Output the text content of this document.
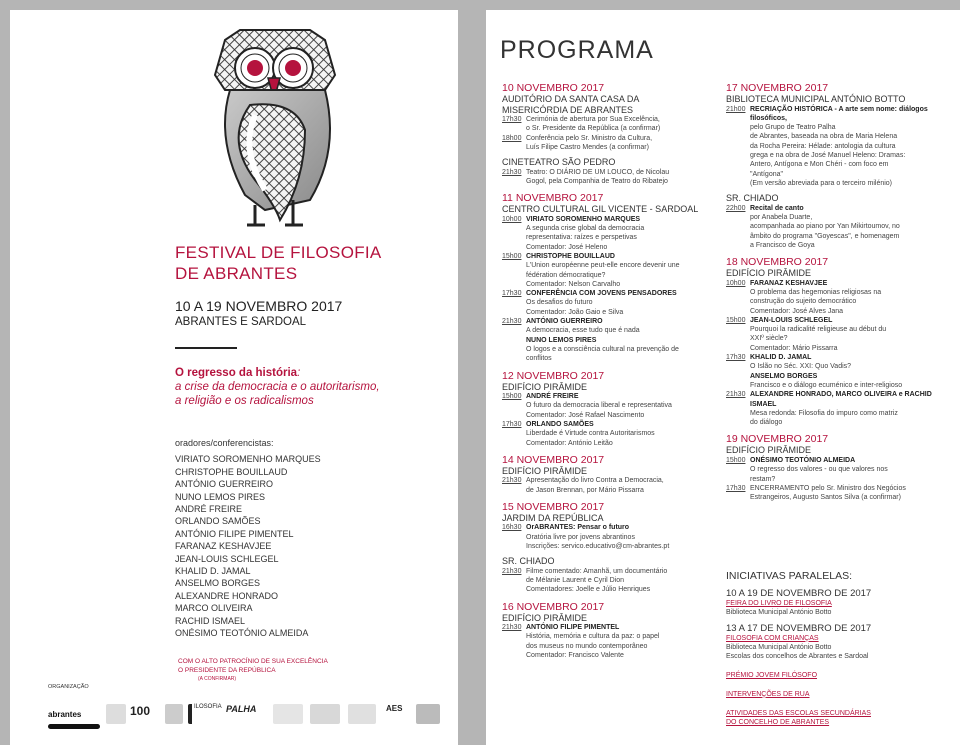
FESTIVAL DE FILOSOFIA
DE ABRANTES
10 A 19 NOVEMBRO 2017
ABRANTES E SARDOAL
O regresso da história:
a crise da democracia e o autoritarismo,
a religião e os radicalismos
oradores/conferencistas:
VIRIATO SOROMENHO MARQUES
CHRISTOPHE BOUILLAUD
ANTÓNIO GUERREIRO
NUNO LEMOS PIRES
ANDRÉ FREIRE
ORLANDO SAMÕES
ANTÓNIO FILIPE PIMENTEL
FARANAZ KESHAVJEE
JEAN-LOUIS SCHLEGEL
KHALID D. JAMAL
ANSELMO BORGES
ALEXANDRE HONRADO
MARCO OLIVEIRA
RACHID ISMAEL
ONÉSIMO TEOTÓNIO ALMEIDA
COM O ALTO PATROCÍNIO DE SUA EXCELÊNCIA
O PRESIDENTE DA REPÚBLICA
(A CONFIRMAR)
ORGANIZAÇÃO
abrantes	100	ILOSOFIA PALHA	AES
PROGRAMA
10 NOVEMBRO 2017
AUDITÓRIO DA SANTA CASA DA
MISERICÓRDIA DE ABRANTES
17h30 Cerimónia de abertura por Sua Excelência,
o Sr. Presidente da República (a confirmar)
18h00 Conferência pelo Sr. Ministro da Cultura,
Luís Filipe Castro Mendes (a confirmar)
CINETEATRO SÃO PEDRO
21h30 Teatro: O DIÁRIO DE UM LOUCO, de Nicolau
Gogol, pela Companhia de Teatro do Ribatejo
11 NOVEMBRO 2017
CENTRO CULTURAL GIL VICENTE - SARDOAL
10h00 VIRIATO SOROMENHO MARQUES
A segunda crise global da democracia
representativa: raízes e perspetivas
Comentador: José Heleno
15h00 CHRISTOPHE BOUILLAUD
L'Union européenne peut-elle encore devenir une
fédération démocratique?
Comentador: Nelson Carvalho
17h30 CONFERÊNCIA COM JOVENS PENSADORES
Os desafios do futuro
Comentador: João Gaio e Silva
21h30 ANTÓNIO GUERREIRO
A democracia, esse tudo que é nada
NUNO LEMOS PIRES
O logos e a consciência cultural na prevenção de
conflitos
12 NOVEMBRO 2017
EDIFÍCIO PIRÂMIDE
15h00 ANDRÉ FREIRE
O futuro da democracia liberal e representativa
Comentador: José Rafael Nascimento
17h30 ORLANDO SAMÕES
Liberdade é Virtude contra Autoritarismos
Comentador: António Leitão
14 NOVEMBRO 2017
EDIFÍCIO PIRÂMIDE
21h30 Apresentação do livro Contra a Democracia,
de Jason Brennan, por Mário Pissarra
15 NOVEMBRO 2017
JARDIM DA REPÚBLICA
16h30 OrABRANTES: Pensar o futuro
Oratória livre por jovens abrantinos
Inscrições: servico.educativo@cm-abrantes.pt
SR. CHIADO
21h30 Filme comentado: Amanhã, um documentário
de Mélanie Laurent e Cyril Dion
Comentadores: Joelle e Júlio Henriques
16 NOVEMBRO 2017
EDIFÍCIO PIRÂMIDE
21h30 ANTÓNIO FILIPE PIMENTEL
História, memória e cultura da paz: o papel
dos museus no mundo contemporâneo
Comentador: Francisco Valente
17 NOVEMBRO 2017
BIBLIOTECA MUNICIPAL ANTÓNIO BOTTO
21h00 RECRIAÇÃO HISTÓRICA - A arte sem nome: diálogos filosóficos,
pelo Grupo de Teatro Palha
de Abrantes, baseada na obra de Maria Helena
da Rocha Pereira: Hélade: antologia da cultura
grega e na obra de José Manuel Heleno: Dramas:
Antero, Antígona e Mon Chéri - com foco em
"Antígona"
(Em versão abreviada para o terceiro milénio)
SR. CHIADO
22h00 Recital de canto
por Anabela Duarte,
acompanhada ao piano por Yan Mikirtoumov, no
âmbito do programa "Goyescas", e homenagem
a Francisco de Goya
18 NOVEMBRO 2017
EDIFÍCIO PIRÂMIDE
10h00 FARANAZ KESHAVJEE
O problema das hegemonias religiosas na
construção do sujeito democrático
Comentador: José Alves Jana
15h00 JEAN-LOUIS SCHLEGEL
Pourquoi la radicalité religieuse au début du
XXIº siècle?
Comentador: Mário Pissarra
17h30 KHALID D. JAMAL
O Islão no Séc. XXI: Quo Vadis?
ANSELMO BORGES
Francisco e o diálogo ecuménico e inter-religioso
21h30 ALEXANDRE HONRADO, MARCO OLIVEIRA e RACHID ISMAEL
Mesa redonda: Filosofia do impuro como matriz
do diálogo
19 NOVEMBRO 2017
EDIFÍCIO PIRÂMIDE
15h00 ONÉSIMO TEOTÓNIO ALMEIDA
O regresso dos valores - ou que valores nos
restam?
17h30 ENCERRAMENTO pelo Sr. Ministro dos Negócios
Estrangeiros, Augusto Santos Silva (a confirmar)
INICIATIVAS PARALELAS:
10 A 19 DE NOVEMBRO DE 2017
FEIRA DO LIVRO DE FILOSOFIA
Biblioteca Municipal António Botto
13 A 17 DE NOVEMBRO DE 2017
FILOSOFIA COM CRIANÇAS
Biblioteca Municipal António Botto
Escolas dos concelhos de Abrantes e Sardoal
PRÉMIO JOVEM FILÓSOFO
INTERVENÇÕES DE RUA
ATIVIDADES DAS ESCOLAS SECUNDÁRIAS
DO CONCELHO DE ABRANTES
